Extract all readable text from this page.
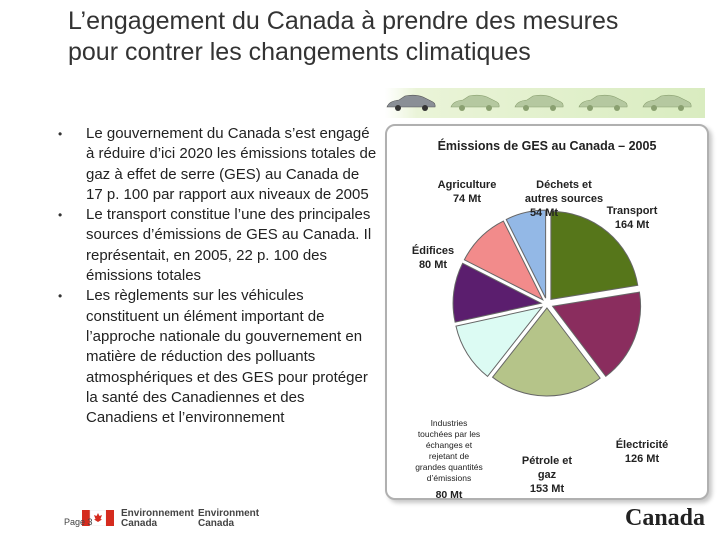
L’engagement du Canada à prendre des mesures pour contrer les changements climatiques
• Le gouvernement du Canada s’est engagé à réduire d’ici 2020 les émissions totales de gaz à effet de serre (GES) au Canada de 17 p. 100 par rapport aux niveaux de 2005
• Le transport constitue l’une des principales sources d’émissions de GES au Canada. Il représentait, en 2005, 22 p. 100 des émissions totales
• Les règlements sur les véhicules constituent un élément important de l’approche nationale du gouvernement en matière de réduction des polluants atmosphériques et des GES pour protéger la santé des Canadiennes et des Canadiens et l’environnement
Émissions de GES au Canada – 2005
Transport
164 Mt
Électricité
126 Mt
Pétrole et
gaz
153 Mt
Industries
touchées par les
échanges et
rejetant de
grandes quantités
d’émissions
80 Mt
Édifices
80 Mt
Agriculture
74 Mt
Déchets et
autres sources
54 Mt
Environnement
Canada
Environment
Canada
Page 3	Canada
